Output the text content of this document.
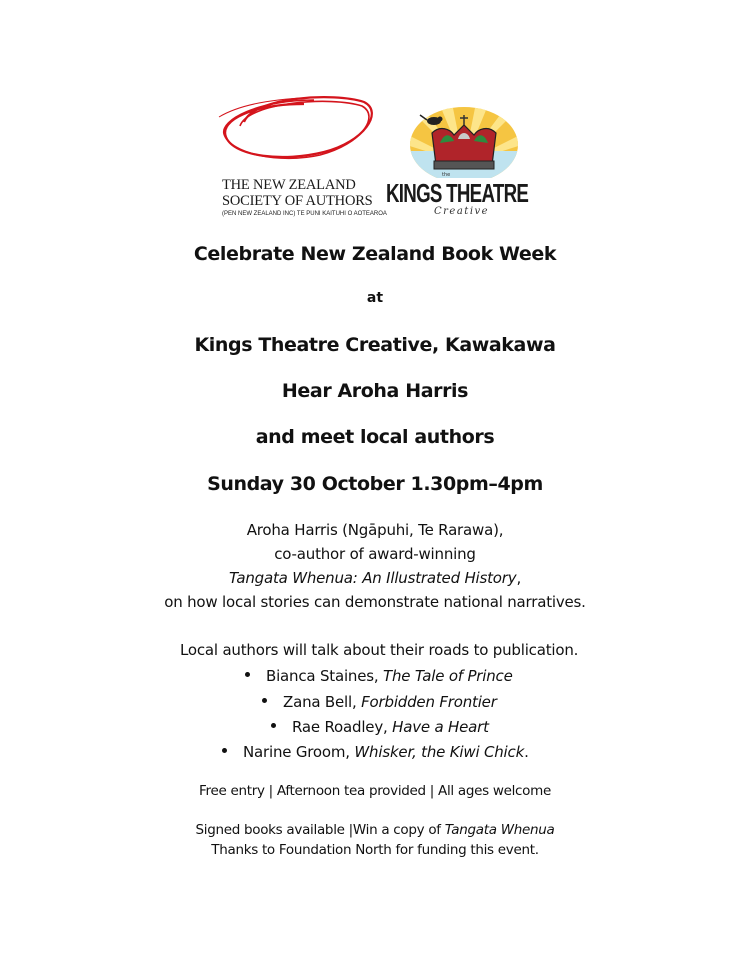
THE NEW ZEALAND
SOCIETY OF AUTHORS
(PEN NEW ZEALAND INC) TE PUNI KAITUHI O AOTEAROA
the
KINGS THEATRE
Creative
Celebrate New Zealand Book Week
at
Kings Theatre Creative, Kawakawa
Hear Aroha Harris
and meet local authors
Sunday 30 October 1.30pm–4pm
Aroha Harris (Ngāpuhi, Te Rarawa),
co-author of award-winning
Tangata Whenua: An Illustrated History,
on how local stories can demonstrate national narratives.
Local authors will talk about their roads to publication.
Bianca Staines, The Tale of Prince
Zana Bell, Forbidden Frontier
Rae Roadley, Have a Heart
Narine Groom, Whisker, the Kiwi Chick.
Free entry | Afternoon tea provided | All ages welcome
Signed books available |Win a copy of Tangata Whenua
Thanks to Foundation North for funding this event.
